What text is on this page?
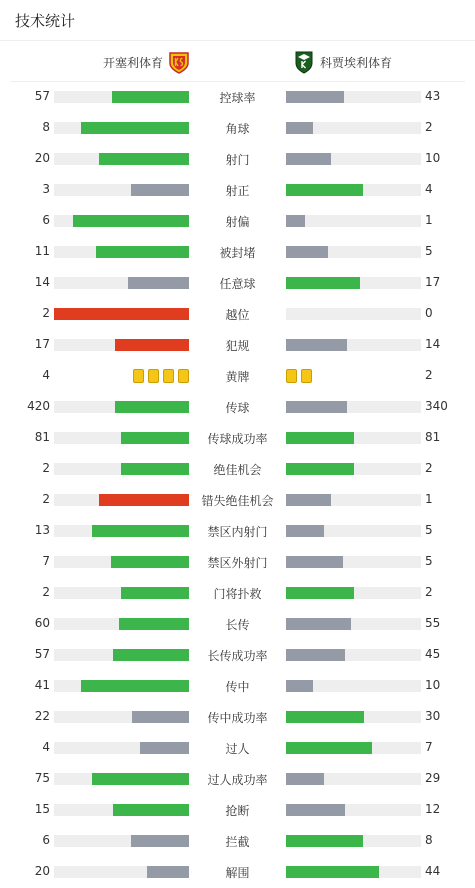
技术统计
开塞利体育	科贾埃利体育
57	控球率	43
8	角球	2
20	射门	10
3	射正	4
6	射偏	1
11	被封堵	5
14	任意球	17
2	越位	0
17	犯规	14
4	黄牌	2
420	传球	340
81	传球成功率	81
2	绝佳机会	2
2	错失绝佳机会	1
13	禁区内射门	5
7	禁区外射门	5
2	门将扑救	2
60	长传	55
57	长传成功率	45
41	传中	10
22	传中成功率	30
4	过人	7
75	过人成功率	29
15	抢断	12
6	拦截	8
20	解围	44
